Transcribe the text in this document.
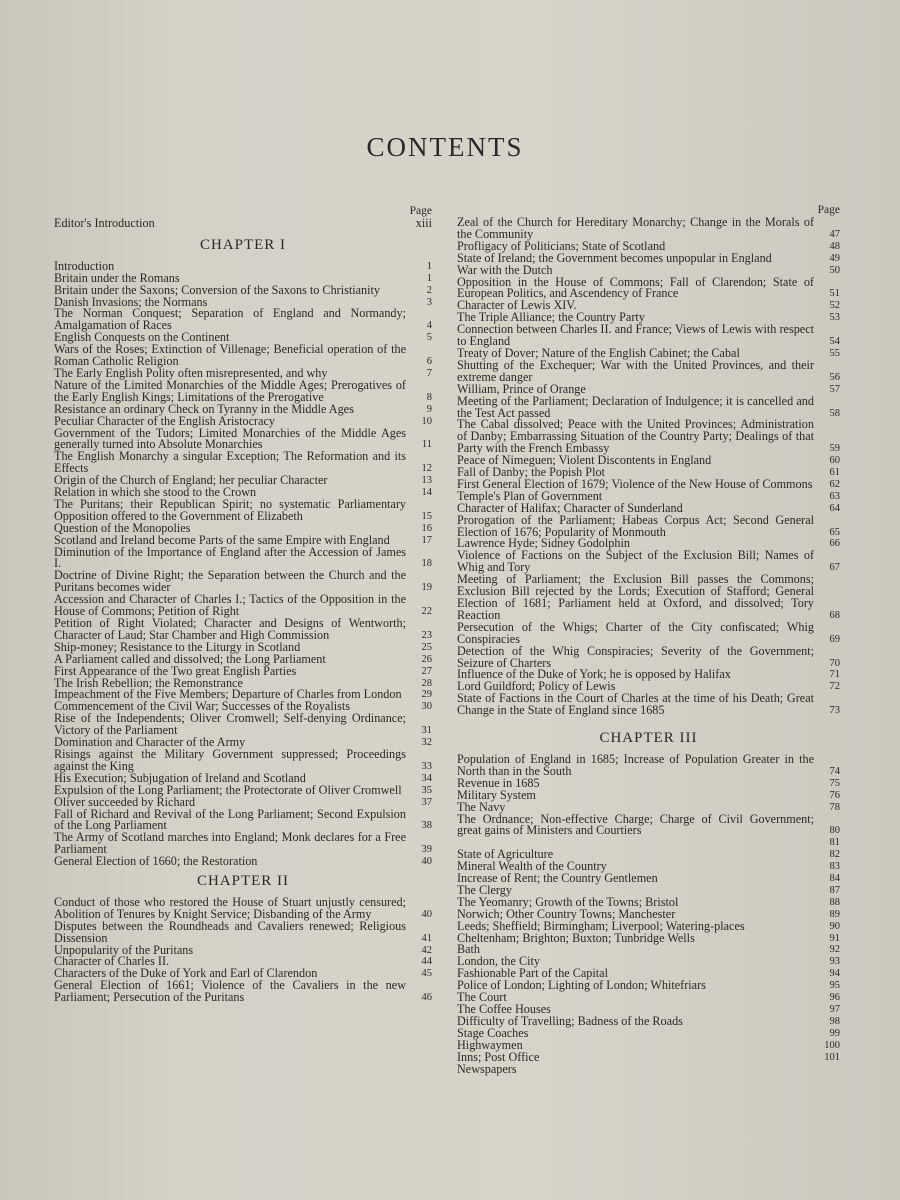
CONTENTS
Page
Editor's Introduction	xiii
CHAPTER I
Introduction	1
Britain under the Romans	1
Britain under the Saxons; Conversion of the Saxons to Christianity	2
Danish Invasions; the Normans	3
The Norman Conquest; Separation of England and Normandy; Amalgamation of Races	4
English Conquests on the Continent	5
Wars of the Roses; Extinction of Villenage; Beneficial operation of the Roman Catholic Religion	6
The Early English Polity often misrepresented, and why	7
Nature of the Limited Monarchies of the Middle Ages; Prerogatives of the Early English Kings; Limitations of the Prerogative	8
Resistance an ordinary Check on Tyranny in the Middle Ages	9
Peculiar Character of the English Aristocracy	10
Government of the Tudors; Limited Monarchies of the Middle Ages generally turned into Absolute Monarchies	11
The English Monarchy a singular Exception; The Reformation and its Effects	12
Origin of the Church of England; her peculiar Character	13
Relation in which she stood to the Crown	14
The Puritans; their Republican Spirit; no systematic Parliamentary Opposition offered to the Government of Elizabeth	15
Question of the Monopolies	16
Scotland and Ireland become Parts of the same Empire with England	17
Diminution of the Importance of England after the Accession of James I.	18
Doctrine of Divine Right; the Separation between the Church and the Puritans becomes wider	19
Accession and Character of Charles I.; Tactics of the Opposition in the House of Commons; Petition of Right	22
Petition of Right Violated; Character and Designs of Wentworth; Character of Laud; Star Chamber and High Commission	23
Ship-money; Resistance to the Liturgy in Scotland	25
A Parliament called and dissolved; the Long Parliament	26
First Appearance of the Two great English Parties	27
The Irish Rebellion; the Remonstrance	28
Impeachment of the Five Members; Departure of Charles from London	29
Commencement of the Civil War; Successes of the Royalists	30
Rise of the Independents; Oliver Cromwell; Self-denying Ordinance; Victory of the Parliament	31
Domination and Character of the Army	32
Risings against the Military Government suppressed; Proceedings against the King	33
His Execution; Subjugation of Ireland and Scotland	34
Expulsion of the Long Parliament; the Protectorate of Oliver Cromwell	35
Oliver succeeded by Richard	37
Fall of Richard and Revival of the Long Parliament; Second Expulsion of the Long Parliament	38
The Army of Scotland marches into England; Monk declares for a Free Parliament	39
General Election of 1660; the Restoration	40
CHAPTER II
Conduct of those who restored the House of Stuart unjustly censured; Abolition of Tenures by Knight Service; Disbanding of the Army	40
Disputes between the Roundheads and Cavaliers renewed; Religious Dissension	41
Unpopularity of the Puritans	42
Character of Charles II.	44
Characters of the Duke of York and Earl of Clarendon	45
General Election of 1661; Violence of the Cavaliers in the new Parliament; Persecution of the Puritans	46
Page
Zeal of the Church for Hereditary Monarchy; Change in the Morals of the Community	47
Profligacy of Politicians; State of Scotland	48
State of Ireland; the Government becomes unpopular in England	49
War with the Dutch	50
Opposition in the House of Commons; Fall of Clarendon; State of European Politics, and Ascendency of France	51
Character of Lewis XIV.	52
The Triple Alliance; the Country Party	53
Connection between Charles II. and France; Views of Lewis with respect to England	54
Treaty of Dover; Nature of the English Cabinet; the Cabal	55
Shutting of the Exchequer; War with the United Provinces, and their extreme danger	56
William, Prince of Orange	57
Meeting of the Parliament; Declaration of Indulgence; it is cancelled and the Test Act passed	58
The Cabal dissolved; Peace with the United Provinces; Administration of Danby; Embarrassing Situation of the Country Party; Dealings of that Party with the French Embassy	59
Peace of Nimeguen; Violent Discontents in England	60
Fall of Danby; the Popish Plot	61
First General Election of 1679; Violence of the New House of Commons	62
Temple's Plan of Government	63
Character of Halifax; Character of Sunderland	64
Prorogation of the Parliament; Habeas Corpus Act; Second General Election of 1676; Popularity of Monmouth	65
Lawrence Hyde; Sidney Godolphin	66
Violence of Factions on the Subject of the Exclusion Bill; Names of Whig and Tory	67
Meeting of Parliament; the Exclusion Bill passes the Commons; Exclusion Bill rejected by the Lords; Execution of Stafford; General Election of 1681; Parliament held at Oxford, and dissolved; Tory Reaction	68
Persecution of the Whigs; Charter of the City confiscated; Whig Conspiracies	69
Detection of the Whig Conspiracies; Severity of the Government; Seizure of Charters	70
Influence of the Duke of York; he is opposed by Halifax	71
Lord Guildford; Policy of Lewis	72
State of Factions in the Court of Charles at the time of his Death; Great Change in the State of England since 1685	73
CHAPTER III
Population of England in 1685; Increase of Population Greater in the North than in the South	74
Revenue in 1685	75
Military System	76
The Navy	78
The Ordnance; Non-effective Charge; Charge of Civil Government; great gains of Ministers and Courtiers	80
81
State of Agriculture	82
Mineral Wealth of the Country	83
Increase of Rent; the Country Gentlemen	84
The Clergy	87
The Yeomanry; Growth of the Towns; Bristol	88
Norwich; Other Country Towns; Manchester	89
Leeds; Sheffield; Birmingham; Liverpool; Watering-places	90
Cheltenham; Brighton; Buxton; Tunbridge Wells	91
Bath	92
London, the City	93
Fashionable Part of the Capital	94
Police of London; Lighting of London; Whitefriars	95
The Court	96
The Coffee Houses	97
Difficulty of Travelling; Badness of the Roads	98
Stage Coaches	99
Highwaymen	100
Inns; Post Office	101
Newspapers
